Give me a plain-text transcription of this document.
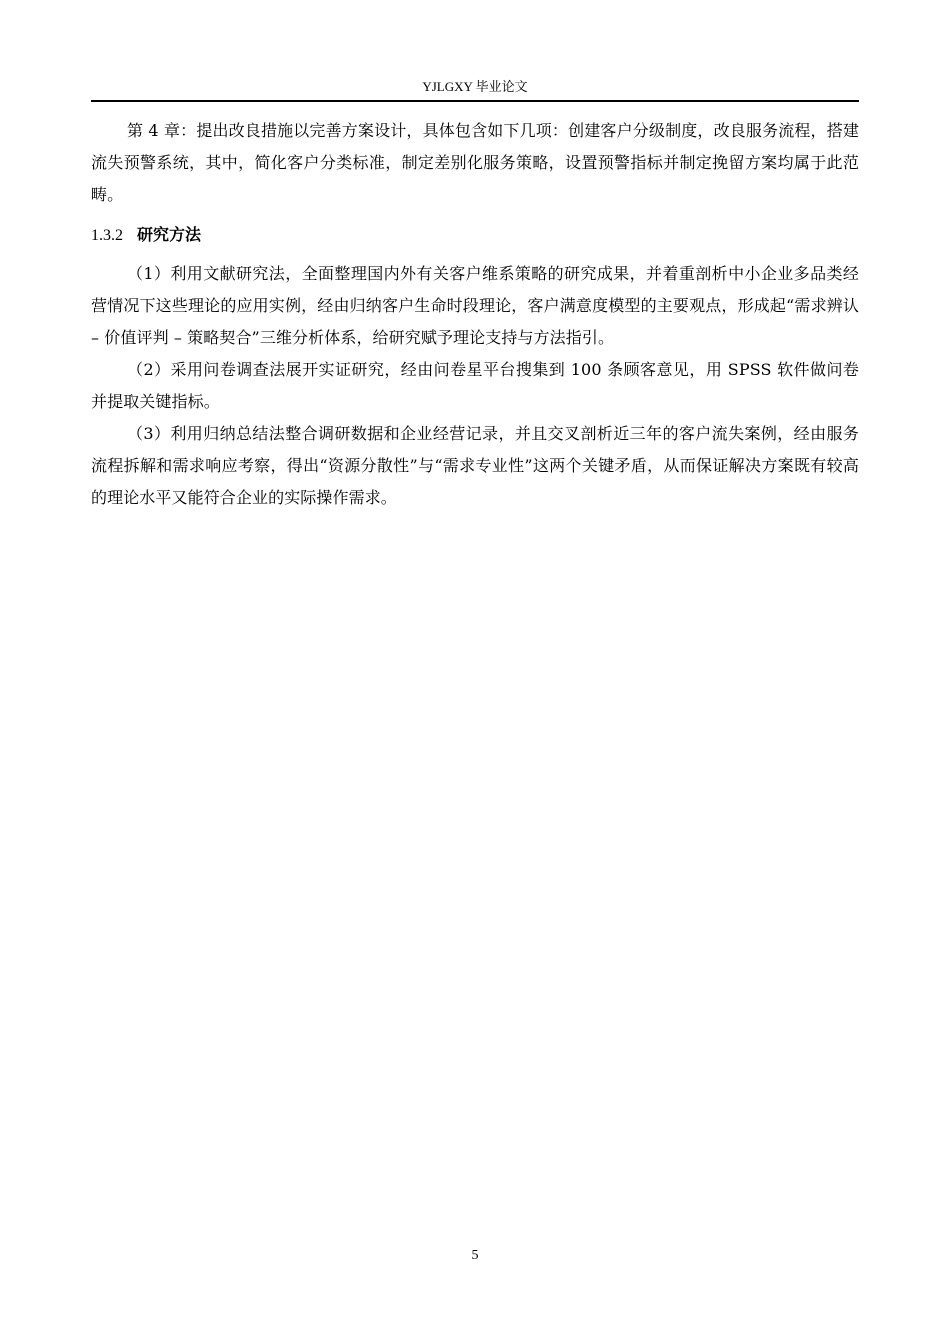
YJLGXY 毕业论文

第 4 章：提出改良措施以完善方案设计，具体包含如下几项：创建客户分级制度，改良服务流程，搭建流失预警系统，其中，简化客户分类标准，制定差别化服务策略，设置预警指标并制定挽留方案均属于此范畴。

1.3.2 研究方法

（1）利用文献研究法，全面整理国内外有关客户维系策略的研究成果，并着重剖析中小企业多品类经营情况下这些理论的应用实例，经由归纳客户生命时段理论，客户满意度模型的主要观点，形成起“需求辨认 – 价值评判 – 策略契合”三维分析体系，给研究赋予理论支持与方法指引。

（2）采用问卷调查法展开实证研究，经由问卷星平台搜集到 100 条顾客意见，用 SPSS 软件做问卷并提取关键指标。

（3）利用归纳总结法整合调研数据和企业经营记录，并且交叉剖析近三年的客户流失案例，经由服务流程拆解和需求响应考察，得出“资源分散性”与“需求专业性”这两个关键矛盾，从而保证解决方案既有较高的理论水平又能符合企业的实际操作需求。

5
